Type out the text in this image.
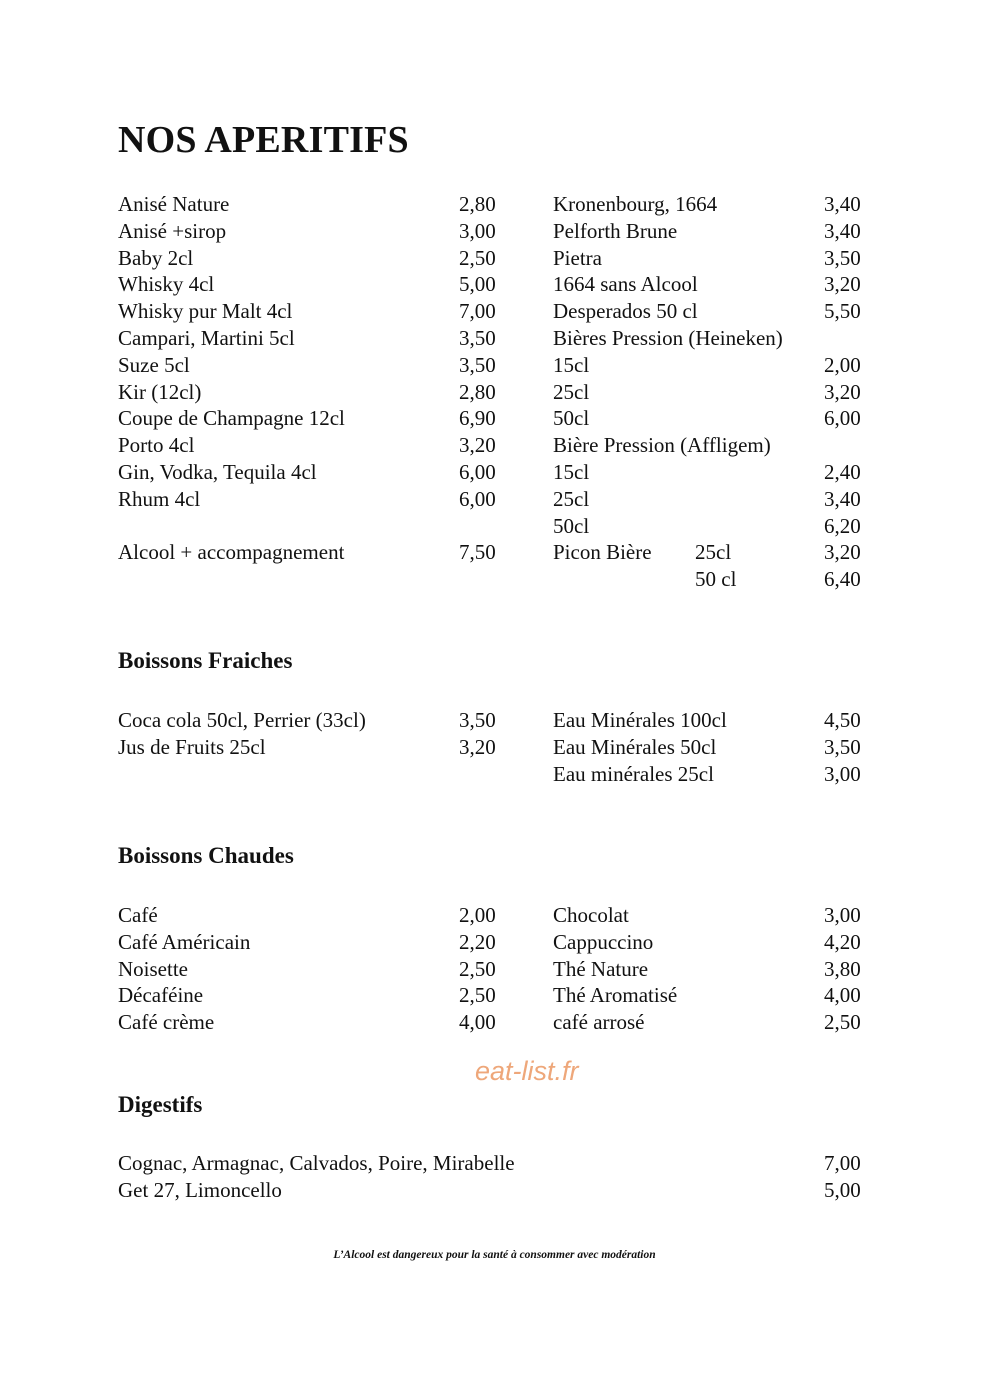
NOS APERITIFS
Anisé Nature	2,80
Anisé +sirop	3,00
Baby 2cl	2,50
Whisky 4cl	5,00
Whisky pur Malt 4cl	7,00
Campari, Martini 5cl	3,50
Suze 5cl	3,50
Kir (12cl)	2,80
Coupe de Champagne 12cl	6,90
Porto 4cl	3,20
Gin, Vodka, Tequila 4cl	6,00
Rhum 4cl	6,00
Alcool + accompagnement	7,50
Kronenbourg, 1664	3,40
Pelforth Brune	3,40
Pietra	3,50
1664 sans Alcool	3,20
Desperados 50 cl	5,50
Bières Pression (Heineken)
15cl	2,00
25cl	3,20
50cl	6,00
Bière Pression (Affligem)
15cl	2,40
25cl	3,40
50cl	6,20
Picon Bière 25cl	3,20
50 cl	6,40
Boissons Fraiches
Coca cola 50cl, Perrier (33cl)	3,50
Jus de Fruits 25cl	3,20
Eau Minérales 100cl	4,50
Eau Minérales 50cl	3,50
Eau minérales 25cl	3,00
Boissons Chaudes
Café	2,00
Café Américain	2,20
Noisette	2,50
Décaféine	2,50
Café crème	4,00
Chocolat	3,00
Cappuccino	4,20
Thé Nature	3,80
Thé Aromatisé	4,00
café arrosé	2,50
eat-list.fr
Digestifs
Cognac, Armagnac, Calvados, Poire, Mirabelle	7,00
Get 27, Limoncello	5,00
L’Alcool est dangereux pour la santé à consommer avec modération
